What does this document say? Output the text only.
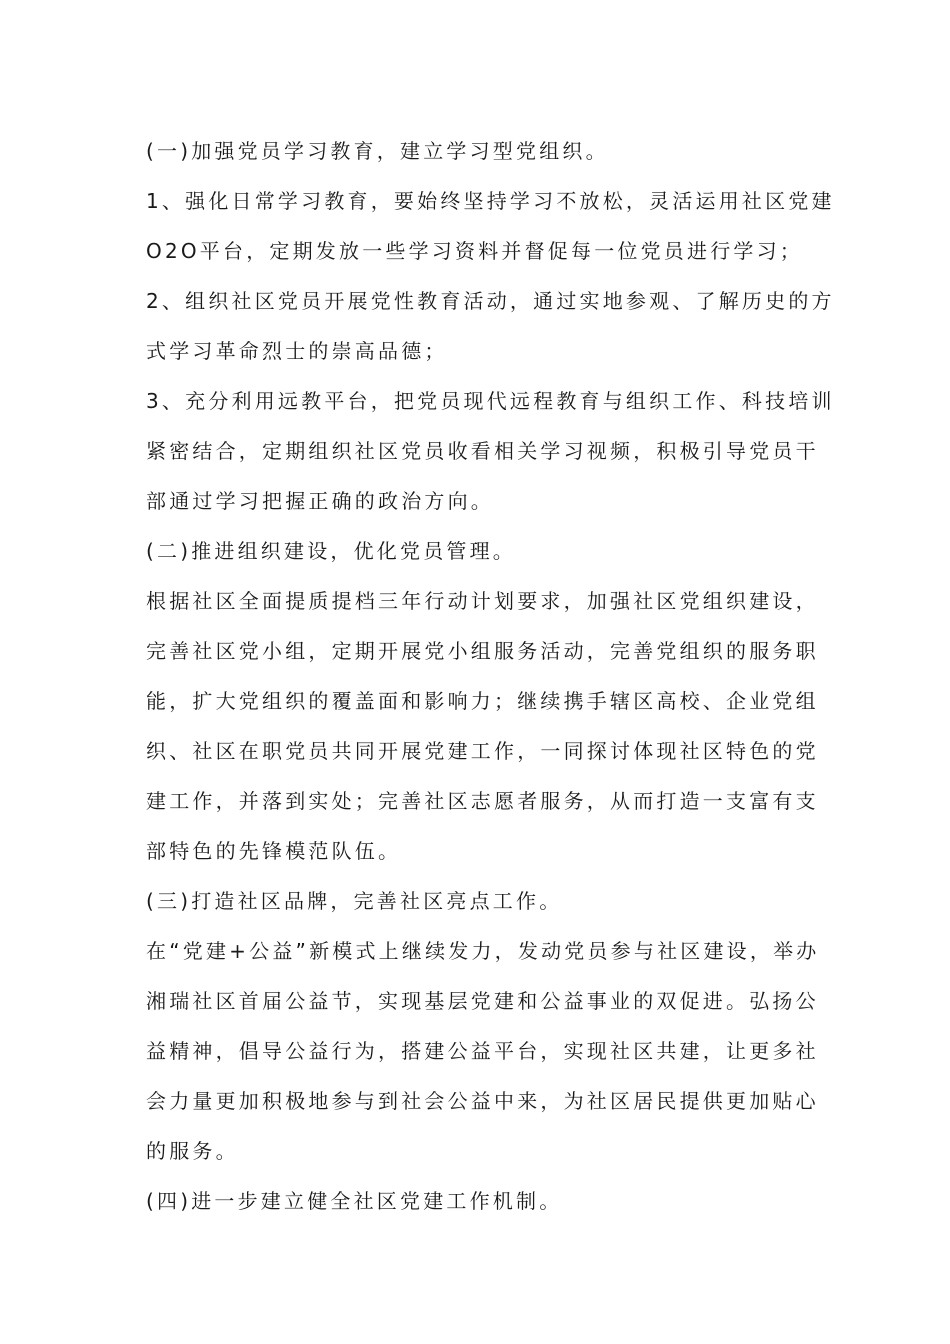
(一)加强党员学习教育，建立学习型党组织。
1、强化日常学习教育，要始终坚持学习不放松，灵活运用社区党建
O2O平台，定期发放一些学习资料并督促每一位党员进行学习；
2、组织社区党员开展党性教育活动，通过实地参观、了解历史的方
式学习革命烈士的崇高品德；
3、充分利用远教平台，把党员现代远程教育与组织工作、科技培训
紧密结合，定期组织社区党员收看相关学习视频，积极引导党员干
部通过学习把握正确的政治方向。
(二)推进组织建设，优化党员管理。
根据社区全面提质提档三年行动计划要求，加强社区党组织建设，
完善社区党小组，定期开展党小组服务活动，完善党组织的服务职
能，扩大党组织的覆盖面和影响力；继续携手辖区高校、企业党组
织、社区在职党员共同开展党建工作，一同探讨体现社区特色的党
建工作，并落到实处；完善社区志愿者服务，从而打造一支富有支
部特色的先锋模范队伍。
(三)打造社区品牌，完善社区亮点工作。
在“党建+公益”新模式上继续发力，发动党员参与社区建设，举办
湘瑞社区首届公益节，实现基层党建和公益事业的双促进。弘扬公
益精神，倡导公益行为，搭建公益平台，实现社区共建，让更多社
会力量更加积极地参与到社会公益中来，为社区居民提供更加贴心
的服务。
(四)进一步建立健全社区党建工作机制。
